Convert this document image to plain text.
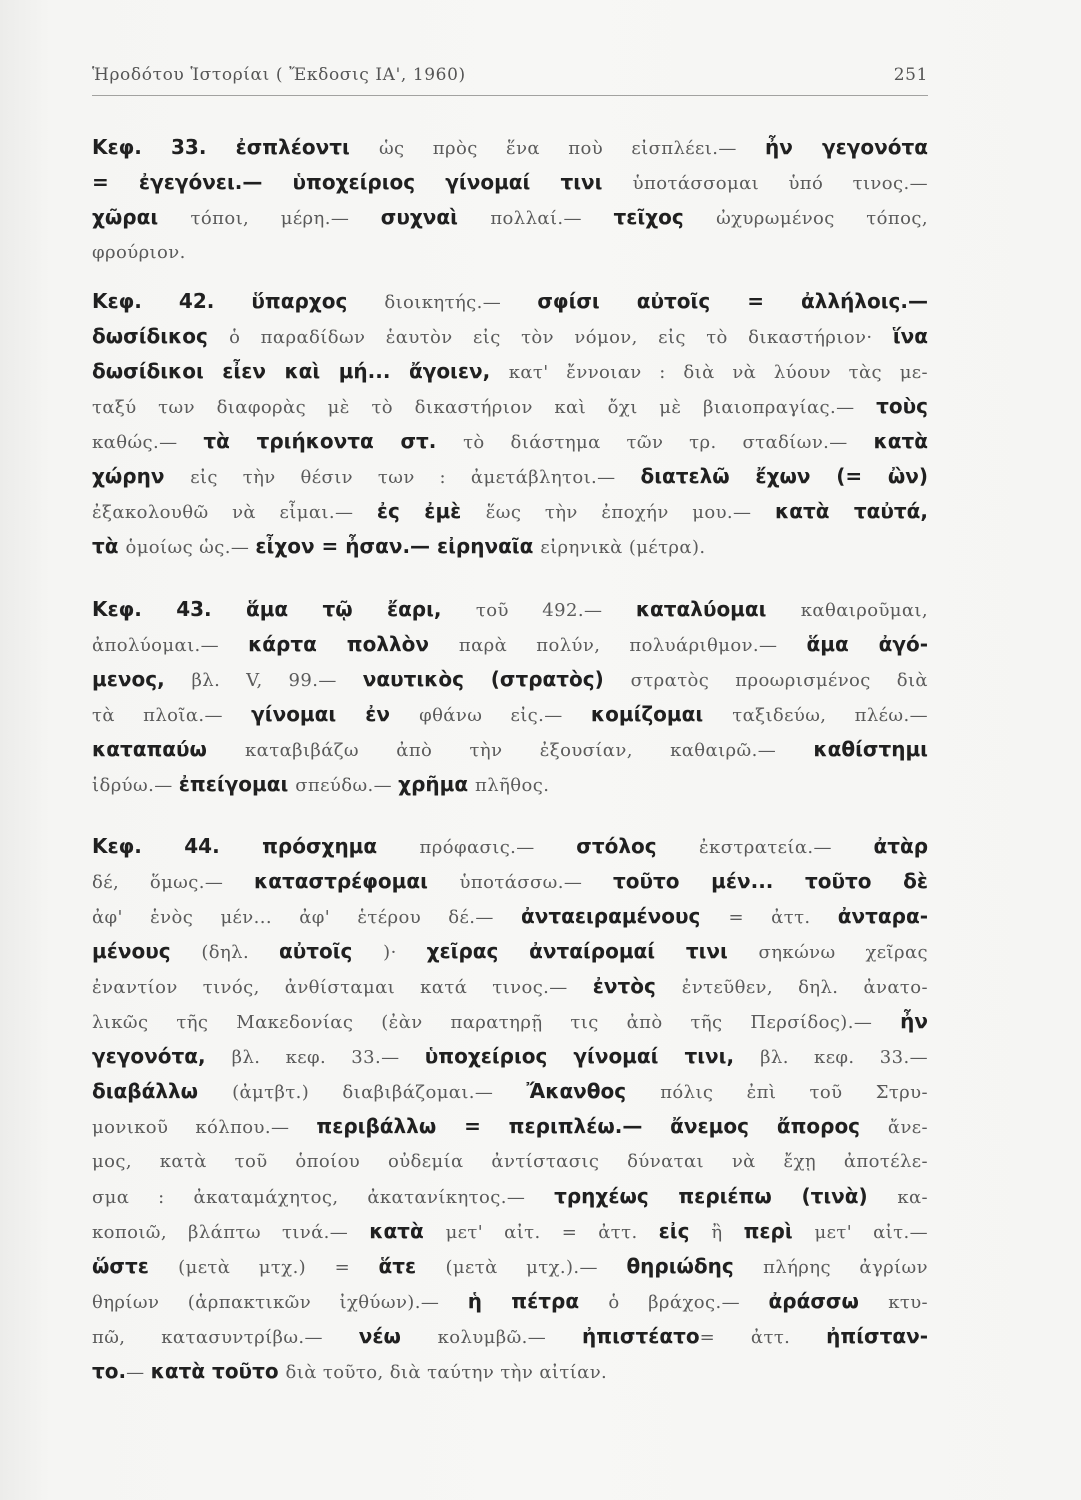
Ἡροδότου Ἱστορίαι ( Ἔκδοσις ΙΑ', 1960)	251
Κεφ. 33. ἐσπλέοντι ὡς πρὸς ἕνα ποὺ εἰσπλέει.— ἦν γεγονότα
= ἐγεγόνει.— ὑποχείριος γίνομαί τινι ὑποτάσσομαι ὑπό τινος.—
χῶραι τόποι, μέρη.— συχναὶ πολλαί.— τεῖχος ὠχυρωμένος τόπος,
φρούριον.
Κεφ. 42. ὕπαρχος διοικητής.— σφίσι αὐτοῖς = ἀλλήλοις.—
δωσίδικος ὁ παραδίδων ἑαυτὸν εἰς τὸν νόμον, εἰς τὸ δικαστήριον· ἵνα
δωσίδικοι εἶεν καὶ μή... ἄγοιεν, κατ' ἔννοιαν : διὰ νὰ λύουν τὰς με-
ταξύ των διαφορὰς μὲ τὸ δικαστήριον καὶ ὄχι μὲ βιαιοπραγίας.— τοὺς
καθώς.— τὰ τριήκοντα στ. τὸ διάστημα τῶν τρ. σταδίων.— κατὰ
χώρην εἰς τὴν θέσιν των : ἀμετάβλητοι.— διατελῶ ἔχων (= ὢν)
ἐξακολουθῶ νὰ εἶμαι.— ἐς ἐμὲ ἕως τὴν ἐποχήν μου.— κατὰ ταὐτά,
τὰ ὁμοίως ὡς.— εἶχον = ἦσαν.— εἰρηναῖα εἰρηνικὰ (μέτρα).
Κεφ. 43. ἅμα τῷ ἔαρι, τοῦ 492.— καταλύομαι καθαιροῦμαι,
ἀπολύομαι.— κάρτα πολλὸν παρὰ πολύν, πολυάριθμον.— ἅμα ἀγό-
μενος, βλ. V, 99.— ναυτικὸς (στρατὸς) στρατὸς προωρισμένος διὰ
τὰ πλοῖα.— γίνομαι ἐν φθάνω εἰς.— κομίζομαι ταξιδεύω, πλέω.—
καταπαύω καταβιβάζω ἀπὸ τὴν ἐξουσίαν, καθαιρῶ.— καθίστημι
ἱδρύω.— ἐπείγομαι σπεύδω.— χρῆμα πλῆθος.
Κεφ. 44. πρόσχημα πρόφασις.— στόλος ἐκστρατεία.— ἀτὰρ
δέ, ὅμως.— καταστρέφομαι ὑποτάσσω.— τοῦτο μέν... τοῦτο δὲ
ἀφ' ἑνὸς μέν... ἀφ' ἑτέρου δέ.— ἀνταειραμένους = ἀττ. ἀνταρα-
μένους (δηλ. αὐτοῖς )· χεῖρας ἀνταίρομαί τινι σηκώνω χεῖρας
ἐναντίον τινός, ἀνθίσταμαι κατά τινος.— ἐντὸς ἐντεῦθεν, δηλ. ἀνατο-
λικῶς τῆς Μακεδονίας (ἐὰν παρατηρῇ τις ἀπὸ τῆς Περσίδος).— ἦν
γεγονότα, βλ. κεφ. 33.— ὑποχείριος γίνομαί τινι, βλ. κεφ. 33.—
διαβάλλω (ἀμτβτ.) διαβιβάζομαι.— Ἄκανθος πόλις ἐπὶ τοῦ Στρυ-
μονικοῦ κόλπου.— περιβάλλω = περιπλέω.— ἄνεμος ἄπορος ἄνε-
μος, κατὰ τοῦ ὁποίου οὐδεμία ἀντίστασις δύναται νὰ ἔχῃ ἀποτέλε-
σμα : ἀκαταμάχητος, ἀκατανίκητος.— τρηχέως περιέπω (τινὰ) κα-
κοποιῶ, βλάπτω τινά.— κατὰ μετ' αἰτ. = ἀττ. εἰς ἢ περὶ μετ' αἰτ.—
ὥστε (μετὰ μτχ.) = ἅτε (μετὰ μτχ.).— θηριώδης πλήρης ἀγρίων
θηρίων (ἁρπακτικῶν ἰχθύων).— ἡ πέτρα ὁ βράχος.— ἀράσσω κτυ-
πῶ, κατασυντρίβω.— νέω κολυμβῶ.— ἠπιστέατο= ἀττ. ἠπίσταν-
το.— κατὰ τοῦτο διὰ τοῦτο, διὰ ταύτην τὴν αἰτίαν.
